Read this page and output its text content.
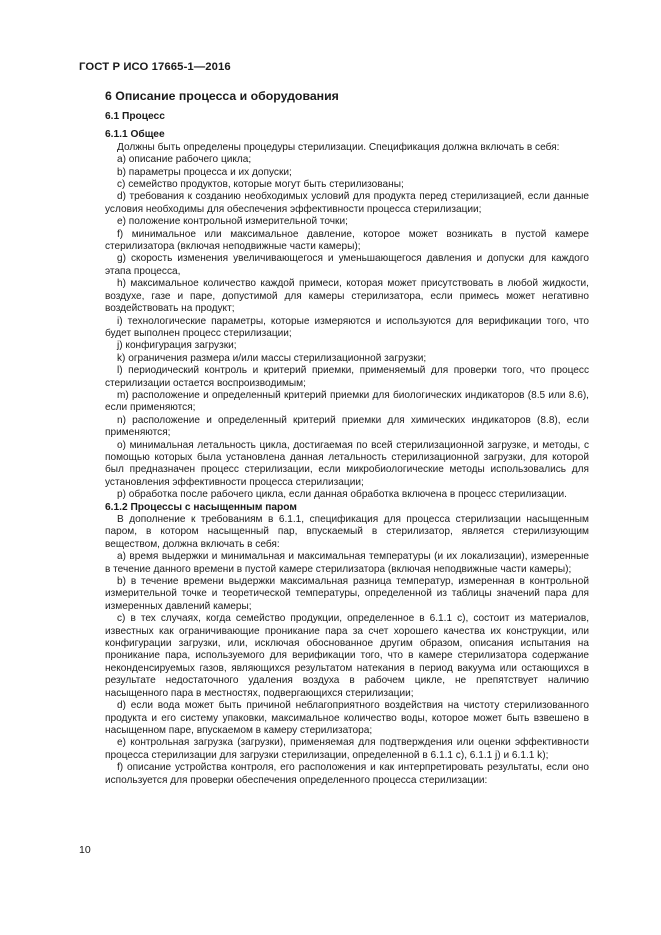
ГОСТ Р ИСО 17665-1—2016
6 Описание процесса и оборудования
6.1 Процесс
6.1.1 Общее
Должны быть определены процедуры стерилизации. Спецификация должна включать в себя:
а) описание рабочего цикла;
b) параметры процесса и их допуски;
c) семейство продуктов, которые могут быть стерилизованы;
d) требования к созданию необходимых условий для продукта перед стерилизацией, если данные условия необходимы для обеспечения эффективности процесса стерилизации;
e) положение контрольной измерительной точки;
f) минимальное или максимальное давление, которое может возникать в пустой камере стерилизатора (включая неподвижные части камеры);
g) скорость изменения увеличивающегося и уменьшающегося давления и допуски для каждого этапа процесса,
h) максимальное количество каждой примеси, которая может присутствовать в любой жидкости, воздухе, газе и паре, допустимой для камеры стерилизатора, если примесь может негативно воздействовать на продукт;
i) технологические параметры, которые измеряются и используются для верификации того, что будет выполнен процесс стерилизации;
j) конфигурация загрузки;
k) ограничения размера и/или массы стерилизационной загрузки;
l) периодический контроль и критерий приемки, применяемый для проверки того, что процесс стерилизации остается воспроизводимым;
m) расположение и определенный критерий приемки для биологических индикаторов (8.5 или 8.6), если применяются;
n) расположение и определенный критерий приемки для химических индикаторов (8.8), если применяются;
o) минимальная летальность цикла, достигаемая по всей стерилизационной загрузке, и методы, с помощью которых была установлена данная летальность стерилизационной загрузки, для которой был предназначен процесс стерилизации, если микробиологические методы использовались для установления эффективности процесса стерилизации;
p) обработка после рабочего цикла, если данная обработка включена в процесс стерилизации.
6.1.2 Процессы с насыщенным паром
В дополнение к требованиям в 6.1.1, спецификация для процесса стерилизации насыщенным паром, в котором насыщенный пар, впускаемый в стерилизатор, является стерилизующим веществом, должна включать в себя:
a) время выдержки и минимальная и максимальная температуры (и их локализации), измеренные в течение данного времени в пустой камере стерилизатора (включая неподвижные части камеры);
b) в течение времени выдержки максимальная разница температур, измеренная в контрольной измерительной точке и теоретической температуры, определенной из таблицы значений пара для измеренных давлений камеры;
c) в тех случаях, когда семейство продукции, определенное в 6.1.1 c), состоит из материалов, известных как ограничивающие проникание пара за счет хорошего качества их конструкции, или конфигурации загрузки, или, исключая обоснованное другим образом, описания испытания на проникание пара, используемого для верификации того, что в камере стерилизатора содержание неконденсируемых газов, являющихся результатом натекания в период вакуума или остающихся в результате недостаточного удаления воздуха в рабочем цикле, не препятствует наличию насыщенного пара в местностях, подвергающихся стерилизации;
d) если вода может быть причиной неблагоприятного воздействия на чистоту стерилизованного продукта и его систему упаковки, максимальное количество воды, которое может быть взвешено в насыщенном паре, впускаемом в камеру стерилизатора;
e) контрольная загрузка (загрузки), применяемая для подтверждения или оценки эффективности процесса стерилизации для загрузки стерилизации, определенной в 6.1.1 c), 6.1.1 j) и 6.1.1 k);
f) описание устройства контроля, его расположения и как интерпретировать результаты, если оно используется для проверки обеспечения определенного процесса стерилизации:
10
